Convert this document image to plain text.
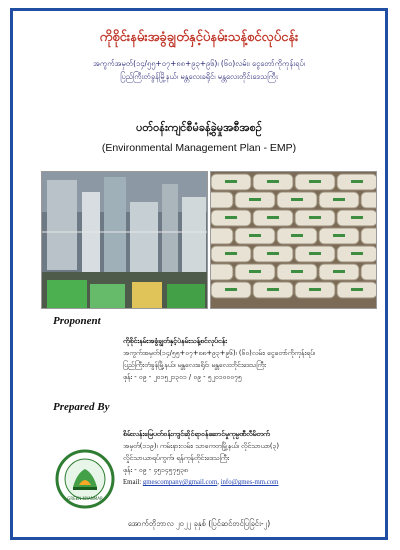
ကိုစိုင်းနမ်းအခွံချွတ်နှင့်ပဲနမ်းသန့်စင်လုပ်ငန်း
အကွက်အမှတ်(၁၄/၅၅+၀၇+၈၈+၉၃+၉၆)၊ (၆၀)လမ်း၊ ငွေတော်ကိုကုန်းရပ်၊
ပြည်ကြီးတံခွန်မြို့နယ်၊ မန္တလေးခရိုင်၊ မန္တလေးတိုင်းဒေသကြီး
ပတ်ဝန်းကျင်စီမံခန့်ခွဲမှုအစီအစဉ်
(Environmental Management Plan - EMP)
Proponent
ကိုစိုင်းနမ်းအခွံချွတ်နှင့်ပဲနမ်းသန့်စင်လုပ်ငန်း
အကွက်အမှတ်(၁၄/၅၅+၀၇+၈၈+၉၃+၉၆)၊ (၆၀)လမ်း၊ ငွေတော်ကိုကုန်းရပ်၊
ပြည်ကြီးတံခွန်မြို့နယ်၊ မန္တလေးခရိုင်၊ မန္တလေးတိုင်းဒေသကြီး
ဖုန်း - ၀၉ - ၂၀၁၅၂၁၃၀၁ / ၀၉ - ၅၂၀၁၀၀၀၇၅
Prepared By
GREEN MYANMAR
စိမ်းလန်းမြေပတ်ဝန်းကျင်ဆိုင်ရာဝန်ဆောင်မှုကုမ္ပဏီလီမိတက်
အမှတ်(၁၁၉)၊ ကမ်းနားလမ်း၊ သာကေတမြို့နယ်၊ လိုင်သာယာ(၃)
လှိုင်သာယာရပ်ကွက်၊ ရန်ကုန်တိုင်းဒေသကြီး
ဖုန်း - ၀၉ - ၄၅၁၄၅၇၅၃၈
Email: gmescompany@gmail.com, info@gmes-mm.com
အောက်တိုဘာလ ၂၀၂၂ ခုနှစ် (ပြင်ဆင်တင်ပြခြင်း-၂)
